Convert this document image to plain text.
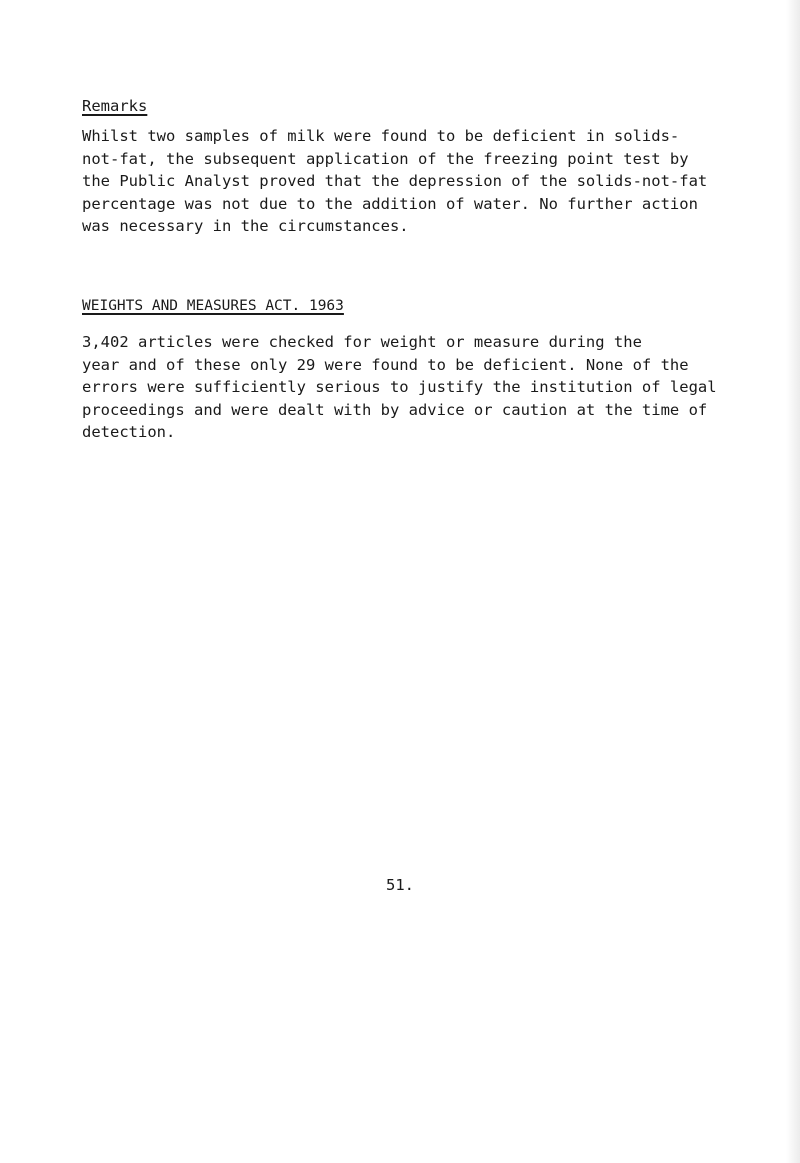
Remarks
Whilst two samples of milk were found to be deficient in solids-
not-fat, the subsequent application of the freezing point test by
the Public Analyst proved that the depression of the solids-not-fat
percentage was not due to the addition of water. No further action
was necessary in the circumstances.
WEIGHTS AND MEASURES ACT. 1963
3,402 articles were checked for weight or measure during the
year and of these only 29 were found to be deficient. None of the
errors were sufficiently serious to justify the institution of legal
proceedings and were dealt with by advice or caution at the time of
detection.
51.
